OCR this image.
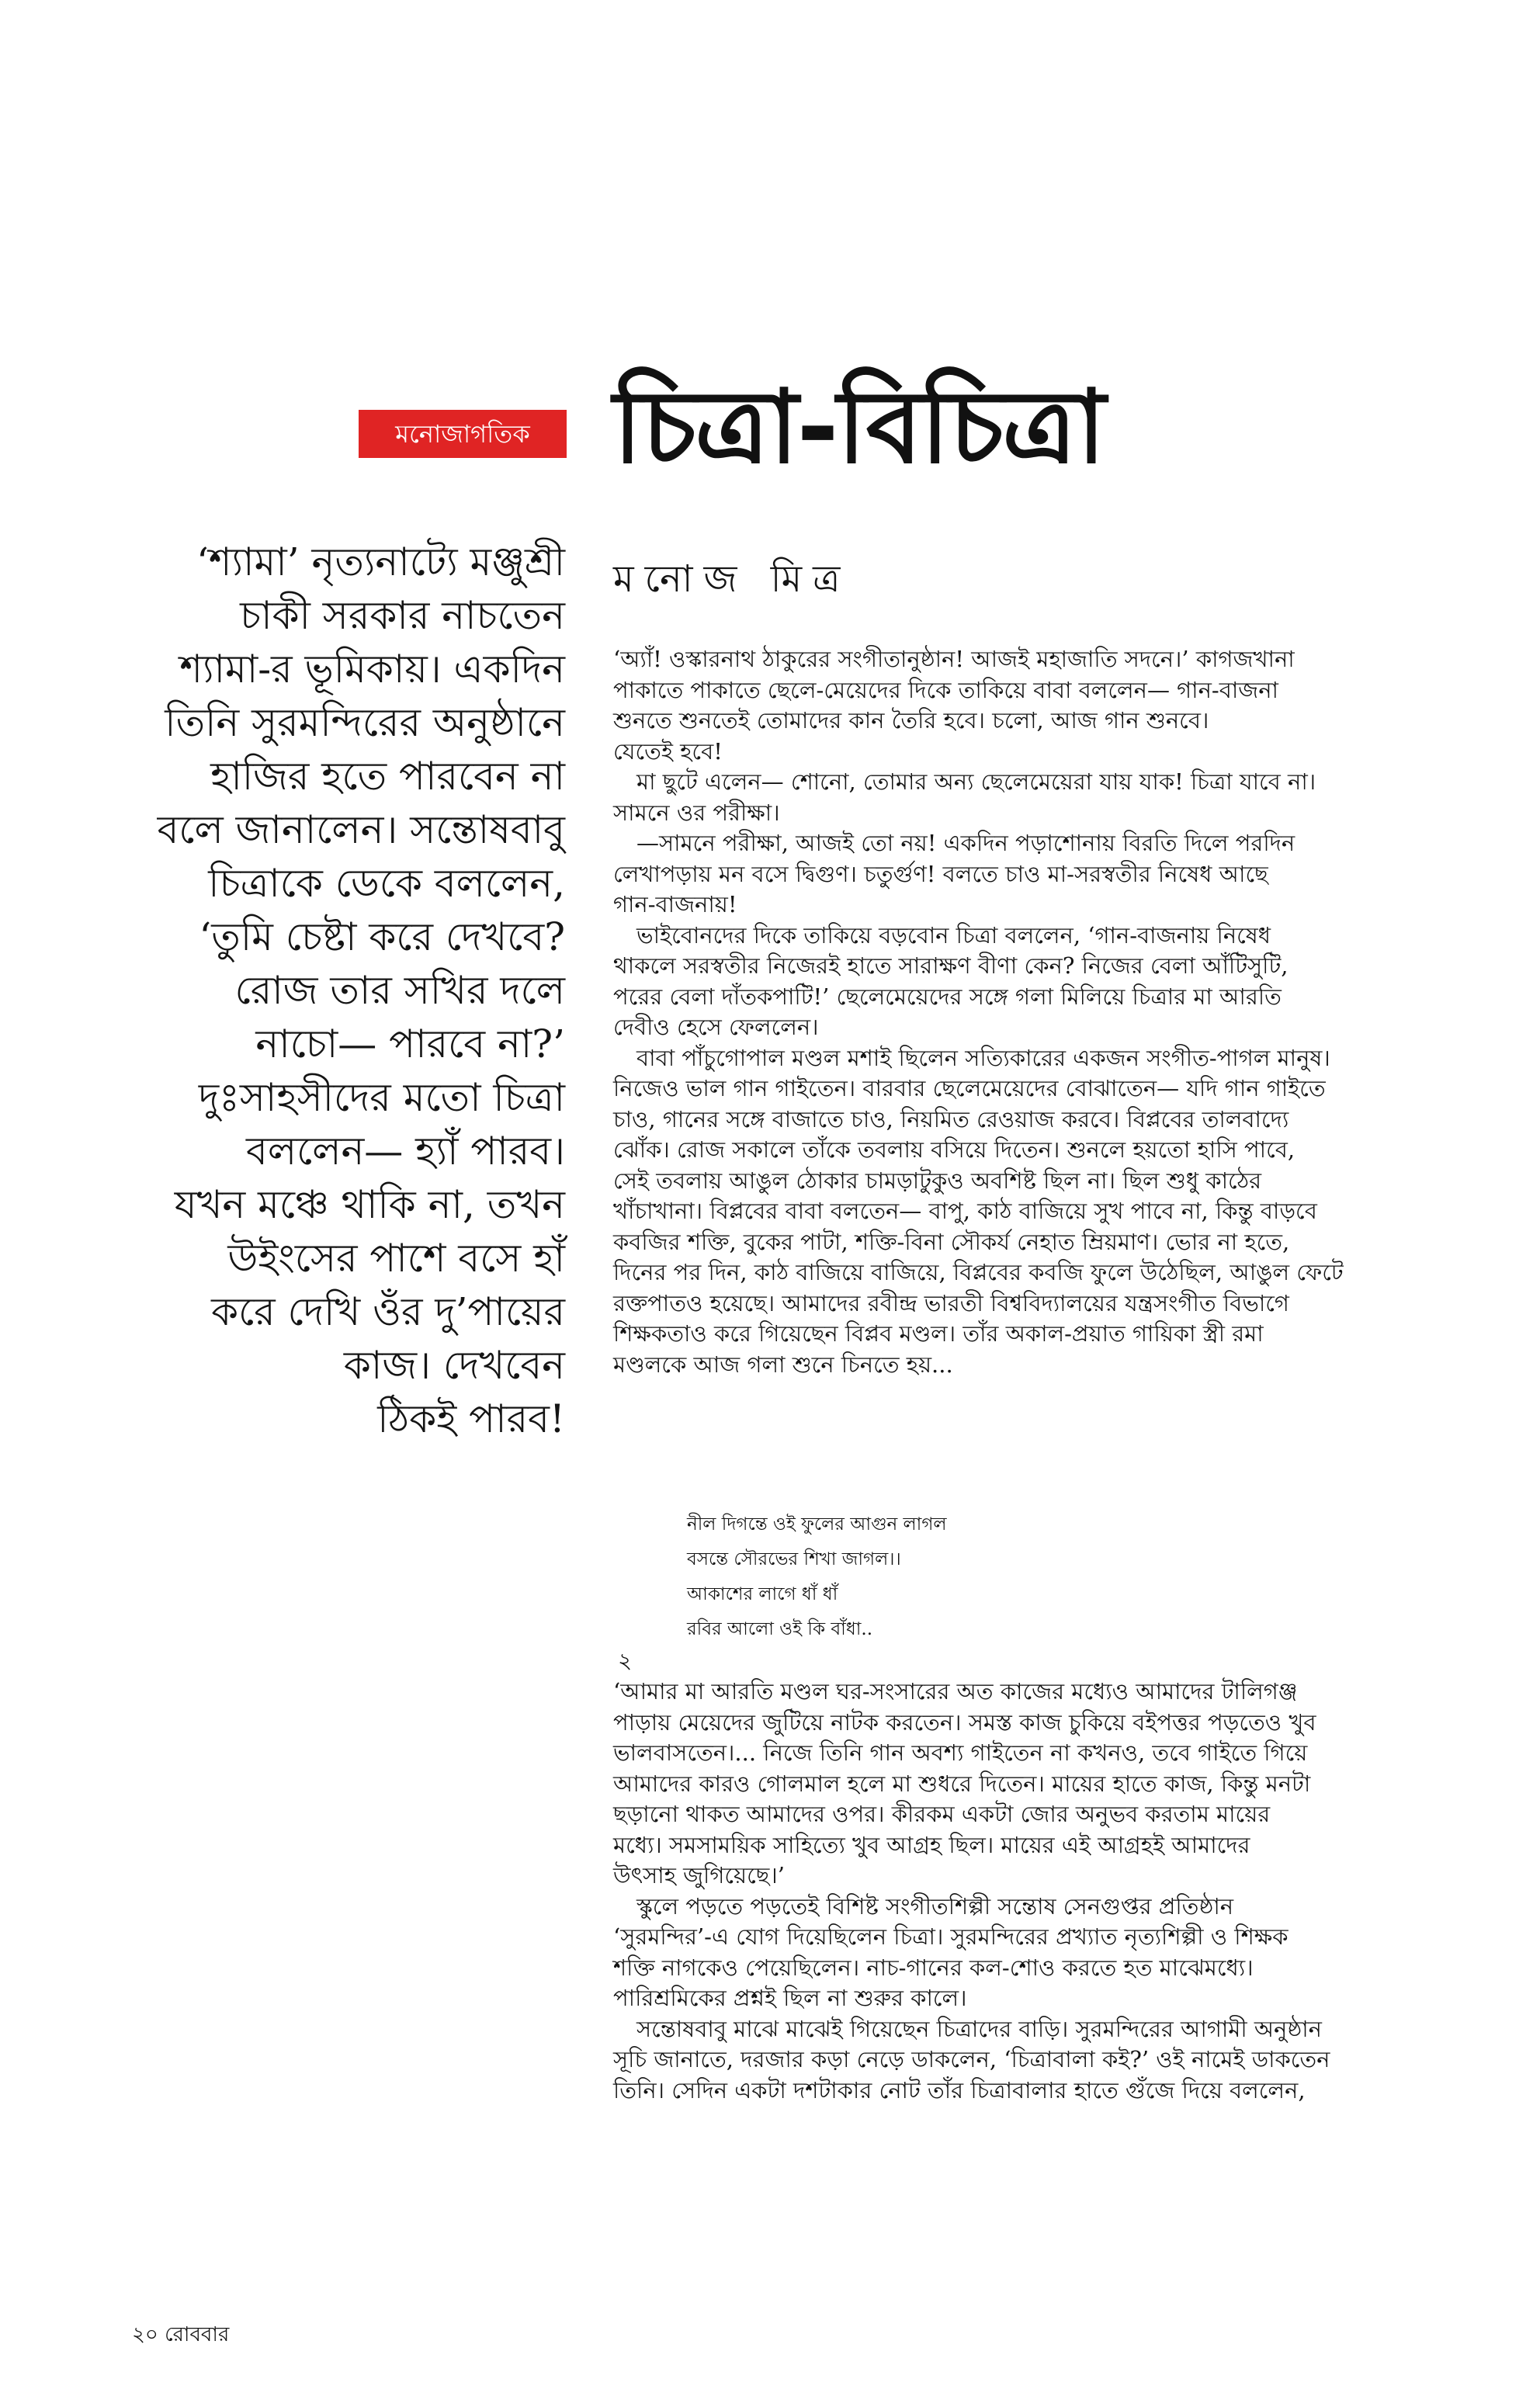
মনোজাগতিক চিত্রা-বিচিত্রা
মনোজ মিত্র
‘শ্যামা’ নৃত্যনাট্যে মঞ্জুশ্রী
চাকী সরকার নাচতেন
শ্যামা-র ভূমিকায়। একদিন
তিনি সুরমন্দিরের অনুষ্ঠানে
হাজির হতে পারবেন না
বলে জানালেন। সন্তোষবাবু
চিত্রাকে ডেকে বললেন,
‘তুমি চেষ্টা করে দেখবে?
রোজ তার সখির দলে
নাচো— পারবে না?’
দুঃসাহসীদের মতো চিত্রা
বললেন— হ্যাঁ পারব।
যখন মঞ্চে থাকি না, তখন
উইংসের পাশে বসে হাঁ
করে দেখি ওঁর দু’পায়ের
কাজ। দেখবেন
ঠিকই পারব!
‘অ্যাঁ! ওস্কারনাথ ঠাকুরের সংগীতানুষ্ঠান! আজই মহাজাতি সদনে।’ কাগজখানা
পাকাতে পাকাতে ছেলে-মেয়েদের দিকে তাকিয়ে বাবা বললেন— গান-বাজনা
শুনতে শুনতেই তোমাদের কান তৈরি হবে। চলো, আজ গান শুনবে।
যেতেই হবে!
মা ছুটে এলেন— শোনো, তোমার অন্য ছেলেমেয়েরা যায় যাক! চিত্রা যাবে না।
সামনে ওর পরীক্ষা।
—সামনে পরীক্ষা, আজই তো নয়! একদিন পড়াশোনায় বিরতি দিলে পরদিন
লেখাপড়ায় মন বসে দ্বিগুণ। চতুর্গুণ! বলতে চাও মা-সরস্বতীর নিষেধ আছে
গান-বাজনায়!
ভাইবোনদের দিকে তাকিয়ে বড়বোন চিত্রা বললেন, ‘গান-বাজনায় নিষেধ
থাকলে সরস্বতীর নিজেরই হাতে সারাক্ষণ বীণা কেন? নিজের বেলা আঁটিসুটি,
পরের বেলা দাঁতকপাটি!’ ছেলেমেয়েদের সঙ্গে গলা মিলিয়ে চিত্রার মা আরতি
দেবীও হেসে ফেললেন।
বাবা পাঁচুগোপাল মণ্ডল মশাই ছিলেন সত্যিকারের একজন সংগীত-পাগল মানুষ।
নিজেও ভাল গান গাইতেন। বারবার ছেলেমেয়েদের বোঝাতেন— যদি গান গাইতে
চাও, গানের সঙ্গে বাজাতে চাও, নিয়মিত রেওয়াজ করবে। বিপ্লবের তালবাদ্যে
ঝোঁক। রোজ সকালে তাঁকে তবলায় বসিয়ে দিতেন। শুনলে হয়তো হাসি পাবে,
সেই তবলায় আঙুল ঠোকার চামড়াটুকুও অবশিষ্ট ছিল না। ছিল শুধু কাঠের
খাঁচাখানা। বিপ্লবের বাবা বলতেন— বাপু, কাঠ বাজিয়ে সুখ পাবে না, কিন্তু বাড়বে
কবজির শক্তি, বুকের পাটা, শক্তি-বিনা সৌকর্য নেহাত ম্রিয়মাণ। ভোর না হতে,
দিনের পর দিন, কাঠ বাজিয়ে বাজিয়ে, বিপ্লবের কবজি ফুলে উঠেছিল, আঙুল ফেটে
রক্তপাতও হয়েছে। আমাদের রবীন্দ্র ভারতী বিশ্ববিদ্যালয়ের যন্ত্রসংগীত বিভাগে
শিক্ষকতাও করে গিয়েছেন বিপ্লব মণ্ডল। তাঁর অকাল-প্রয়াত গায়িকা স্ত্রী রমা
মণ্ডলকে আজ গলা শুনে চিনতে হয়...
নীল দিগন্তে ওই ফুলের আগুন লাগল
বসন্তে সৌরভের শিখা জাগল।।
আকাশের লাগে ধাঁ ধাঁ
রবির আলো ওই কি বাঁধা..
২
‘আমার মা আরতি মণ্ডল ঘর-সংসারের অত কাজের মধ্যেও আমাদের টালিগঞ্জ
পাড়ায় মেয়েদের জুটিয়ে নাটক করতেন। সমস্ত কাজ চুকিয়ে বইপত্তর পড়তেও খুব
ভালবাসতেন।... নিজে তিনি গান অবশ্য গাইতেন না কখনও, তবে গাইতে গিয়ে
আমাদের কারও গোলমাল হলে মা শুধরে দিতেন। মায়ের হাতে কাজ, কিন্তু মনটা
ছড়ানো থাকত আমাদের ওপর। কীরকম একটা জোর অনুভব করতাম মায়ের
মধ্যে। সমসাময়িক সাহিত্যে খুব আগ্রহ ছিল। মায়ের এই আগ্রহই আমাদের
উৎসাহ জুগিয়েছে।’
স্কুলে পড়তে পড়তেই বিশিষ্ট সংগীতশিল্পী সন্তোষ সেনগুপ্তর প্রতিষ্ঠান
‘সুরমন্দির’-এ যোগ দিয়েছিলেন চিত্রা। সুরমন্দিরের প্রখ্যাত নৃত্যশিল্পী ও শিক্ষক
শক্তি নাগকেও পেয়েছিলেন। নাচ-গানের কল-শোও করতে হত মাঝেমধ্যে।
পারিশ্রমিকের প্রশ্নই ছিল না শুরুর কালে।
সন্তোষবাবু মাঝে মাঝেই গিয়েছেন চিত্রাদের বাড়ি। সুরমন্দিরের আগামী অনুষ্ঠান
সূচি জানাতে, দরজার কড়া নেড়ে ডাকলেন, ‘চিত্রাবালা কই?’ ওই নামেই ডাকতেন
তিনি। সেদিন একটা দশটাকার নোট তাঁর চিত্রাবালার হাতে গুঁজে দিয়ে বললেন,
২০ রোববার
